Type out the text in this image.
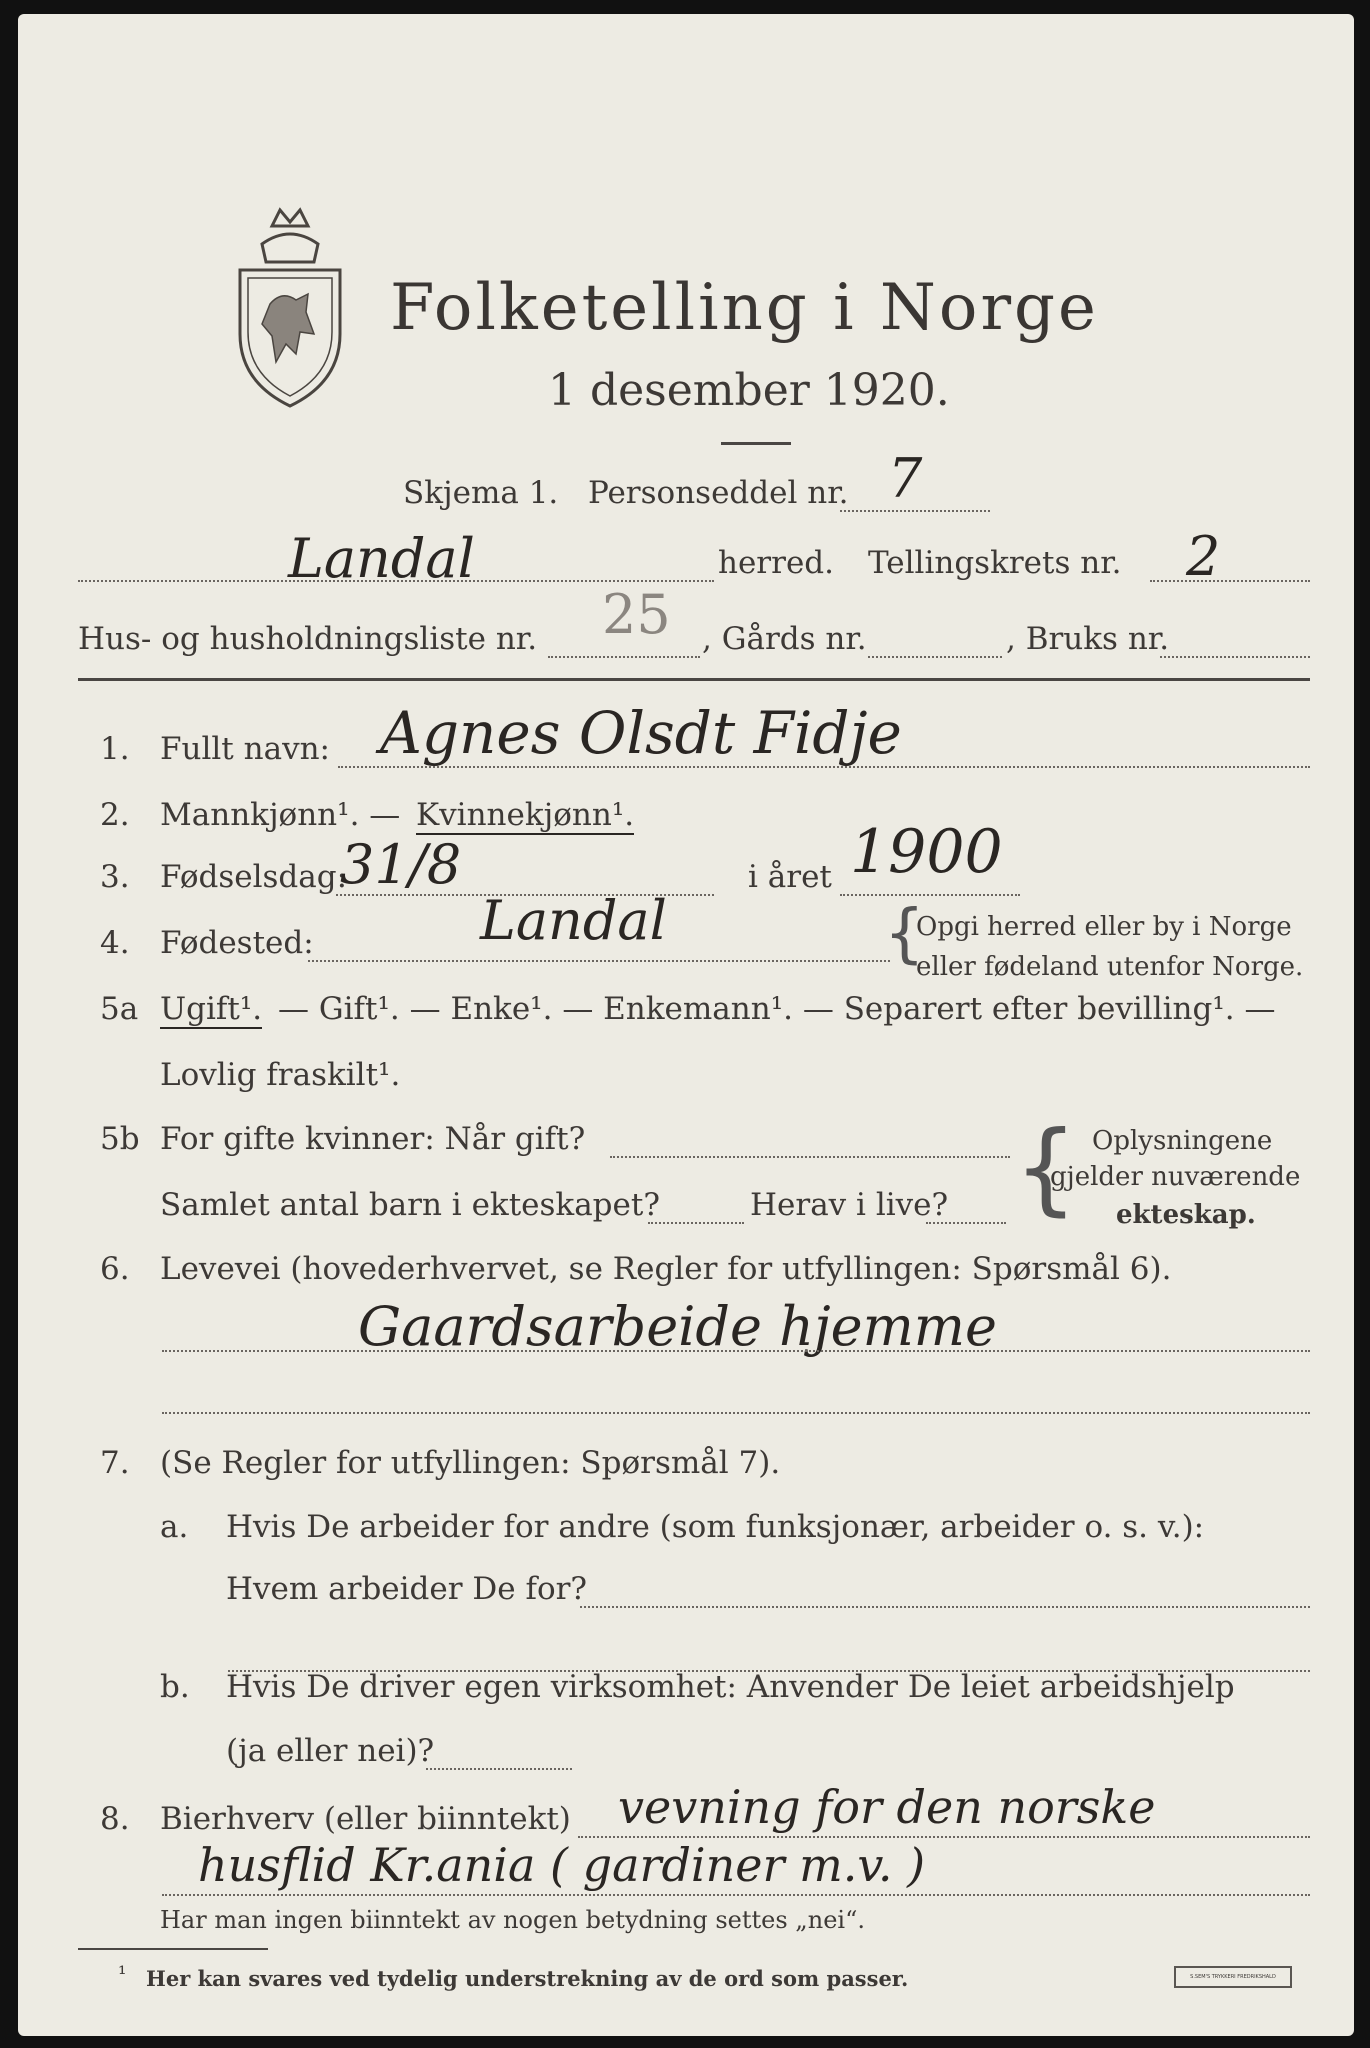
Folketelling i Norge
1 desember 1920.
Skjema 1. Personseddel nr. 7
Landal	herred. Tellingskrets nr. 2
Hus- og husholdningsliste nr. 25 , Gårds nr.	, Bruks nr.
1. Fullt navn: Agnes Olsdt Fidje
2. Mannkjønn¹. — Kvinnekjønn¹.
3. Fødselsdag:
31/8	i året 1900
4. Fødested:	Landal	{
Opgi herred eller by i Norge
eller fødeland utenfor Norge.
5a Ugift¹. — Gift¹. — Enke¹. — Enkemann¹. — Separert efter bevilling¹. —
Lovlig fraskilt¹.
5b For gifte kvinner: Når gift?
Samlet antal barn i ekteskapet?	Herav i live? { Oplysningene
gjelder nuværende
ekteskap.
6. Levevei (hovederhvervet, se Regler for utfyllingen: Spørsmål 6).
Gaardsarbeide hjemme
7. (Se Regler for utfyllingen: Spørsmål 7).
a. Hvis De arbeider for andre (som funksjonær, arbeider o. s. v.):
Hvem arbeider De for?
b. Hvis De driver egen virksomhet: Anvender De leiet arbeidshjelp
(ja eller nei)?
8. Bierhverv (eller biinntekt) vevning for den norske
husflid Kr.ania ( gardiner m.v. )
Har man ingen biinntekt av nogen betydning settes „nei“.
¹ Her kan svares ved tydelig understrekning av de ord som passer.	S.SEM'S TRYKKERI FREDRIKSHALD
